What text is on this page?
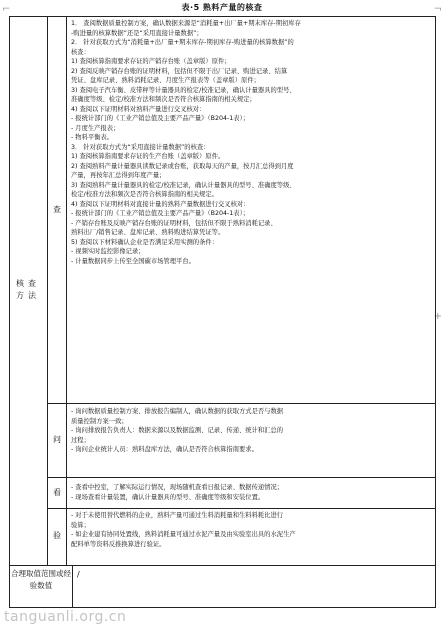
表·5 熟料产量的核查
⌐	¬
+
核查方法
查
问
看
验
合理取值范围或经验数值
/
1． 查阅数据质量控制方案，确认数据来源是“消耗量+出厂量+期末库存-期初库存
-购进量的核算数据”还是“采用直接计量数据”；
2． 针对获取方式为“消耗量+出厂量+期末库存-期初库存-购进量的核算数据”的
核查：
1) 查阅核算指南要求存证的产销存台账（盖章版）原件；
2) 查阅反映产销存台账的证明材料，包括但不限于出厂记录、购进记录、结算
凭证、盘库记录、熟料消耗记录、月度生产报表等（盖章版）原件；
3) 查阅电子汽车衡、皮带秤等计量器具的检定/校准记录，确认计量器具的型号、
准确度等级、检定/校准方法和频次是否符合核算指南的相关规定；
4) 查阅以下证明材料对熟料产量进行交叉核对：
- 报统计部门的《工业产销总值及主要产品产量》（B204-1表）；
- 月度生产报表；
- 物料平衡表。
3． 针对获取方式为“采用直接计量数据”的核查：
1) 查阅核算指南要求存证的生产台账（盖章版）原件。
2) 查阅熟料产量计量器具读数记录或台账，获取每天的产量，按月汇总得到月度
产量，再按年汇总得到年度产量；
3) 查阅熟料产量计量器具的检定/校准记录，确认计量器具的型号、准确度等级、
检定/校准方法和频次是否符合核算指南的相关规定。
4) 查阅以下证明材料对直接计量的熟料产量数据进行交叉核对：
- 报统计部门的《工业产销总值及主要产品产量》（B204-1表）；
- 产销存台账及反映产销存台账的证明材料，包括但不限于熟料消耗记录、
熟料出厂/销售记录、盘库记录、熟料购进结算凭证等。
5) 查阅以下材料确认企业是否满足采用实测的条件：
- 视频实时监控影像记录；
- 计量数据同步上传至全国碳市场管理平台。
- 询问数据质量控制方案、排放报告编制人，确认数据的获取方式是否与数据
质量控制方案一致；
- 询问排放报告负责人：数据来源以及数据监测、记录、传递、统计和汇总的
过程；
- 询问企业统计人员：熟料盘库方法，确认是否符合核算指南要求。
- 查看中控室，了解实际运行情况，现场随机查看日报记录、数据传递情况；
- 现场查看计量装置，确认计量器具的型号、准确度等级和安装位置。
- 对于未使用替代燃料的企业，熟料产量可通过生料消耗量和生料料耗比进行
验算；
- 如企业建有协同处置线，熟料消耗量可通过水泥产量及由实验室出具的水泥生产
配料单等资料反推换算进行验证。
tanguanli.org.cn
